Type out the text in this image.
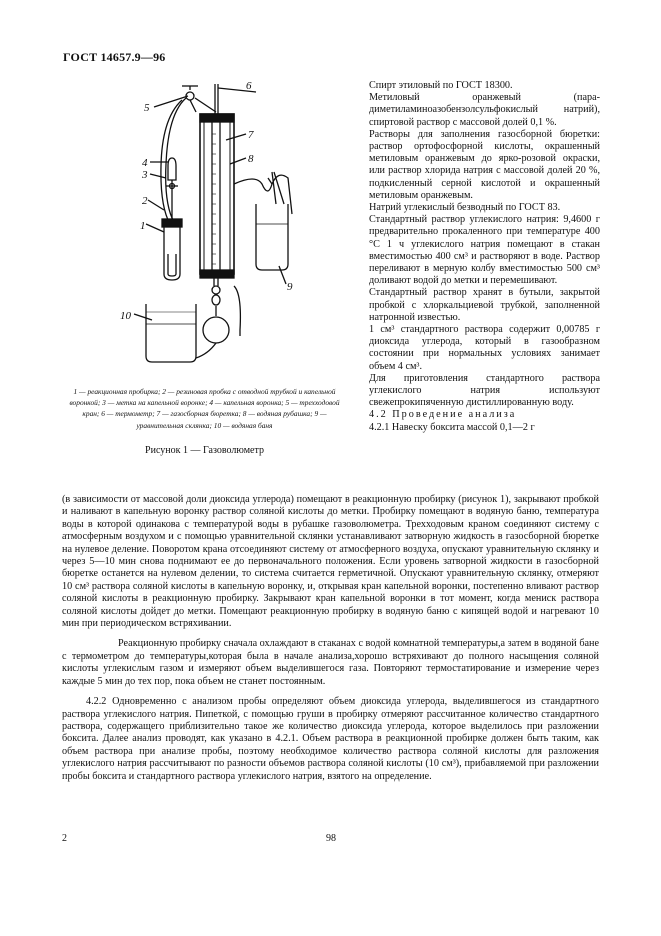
ГОСТ 14657.9—96
6
5
7
8
4
3
2
1
9
10
1 — реакционная пробирка; 2 — резиновая пробка с отводной трубкой и капельной воронкой; 3 — метка на капельной воронке; 4 — капельная воронка; 5 — трехходовой кран; 6 — термометр; 7 — газосборная бюретка; 8 — водяная рубашка; 9 — уравнительная склянка; 10 — водяная баня
Рисунок 1 — Газоволюметр

Спирт этиловый по ГОСТ 18300.

Метиловый оранжевый (пара-диметиламиноазобензолсульфокислый натрий), спиртовой раствор с массовой долей 0,1 %.

Растворы для заполнения газосборной бюретки: раствор ортофосфорной кислоты, окрашенный метиловым оранжевым до ярко-розовой окраски, или раствор хлорида натрия с массовой долей 20 %, подкисленный серной кислотой и окрашенный метиловым оранжевым.

Натрий углекислый безводный по ГОСТ 83.

Стандартный раствор углекислого натрия: 9,4600 г предварительно прокаленного при температуре 400 °С 1 ч углекислого натрия помещают в стакан вместимостью 400 см³ и растворяют в воде. Раствор переливают в мерную колбу вместимостью 500 см³ доливают водой до метки и перемешивают.

Стандартный раствор хранят в бутыли, закрытой пробкой с хлоркальциевой трубкой, заполненной натронной известью.

1 см³ стандартного раствора содержит 0,00785 г диоксида углерода, который в газообразном состоянии при нормальных условиях занимает объем 4 см³.

Для приготовления стандартного раствора углекислого натрия используют свежепрокипяченную дистиллированную воду.

4.2 Проведение анализа

4.2.1 Навеску боксита массой 0,1—2 г

(в зависимости от массовой доли диоксида углерода) помещают в реакционную пробирку (рисунок 1), закрывают пробкой и наливают в капельную воронку раствор соляной кислоты до метки. Пробирку помещают в водяную баню, температура воды в которой одинакова с температурой воды в рубашке газоволюметра. Трехходовым краном соединяют систему с атмосферным воздухом и с помощью уравнительной склянки устанавливают затворную жидкость в газосборной бюретке на нулевое деление. Поворотом крана отсоединяют систему от атмосферного воздуха, опускают уравнительную склянку и через 5—10 мин снова поднимают ее до первоначального положения. Если уровень затворной жидкости в газосборной бюретке останется на нулевом делении, то система считается герметичной. Опускают уравнительную склянку, отмеряют 10 см³ раствора соляной кислоты в капельную воронку, и, открывая кран капельной воронки, постепенно вливают раствор соляной кислоты в реакционную пробирку. Закрывают кран капельной воронки в тот момент, когда мениск раствора соляной кислоты дойдет до метки. Помещают реакционную пробирку в водяную баню с кипящей водой и нагревают 10 мин при периодическом встряхивании.

Реакционную пробирку сначала охлаждают в стаканах с водой комнатной температуры,а затем в водяной бане с термометром до температуры,которая была в начале анализа,хорошо встряхивают до полного насыщения соляной кислоты углекислым газом и измеряют объем выделившегося газа. Повторяют термостатирование и измерение через каждые 5 мин до тех пор, пока объем не станет постоянным.

4.2.2 Одновременно с анализом пробы определяют объем диоксида углерода, выделившегося из стандартного раствора углекислого натрия. Пипеткой, с помощью груши в пробирку отмеряют рассчитанное количество стандартного раствора, содержащего приблизительно такое же количество диоксида углерода, которое выделилось при разложении боксита. Далее анализ проводят, как указано в 4.2.1. Объем раствора в реакционной пробирке должен быть таким, как объем раствора при анализе пробы, поэтому необходимое количество раствора соляной кислоты для разложения углекислого натрия рассчитывают по разности объемов раствора соляной кислоты (10 см³), прибавляемой при разложении пробы боксита и стандартного раствора углекислого натрия, взятого на определение.

2	98
